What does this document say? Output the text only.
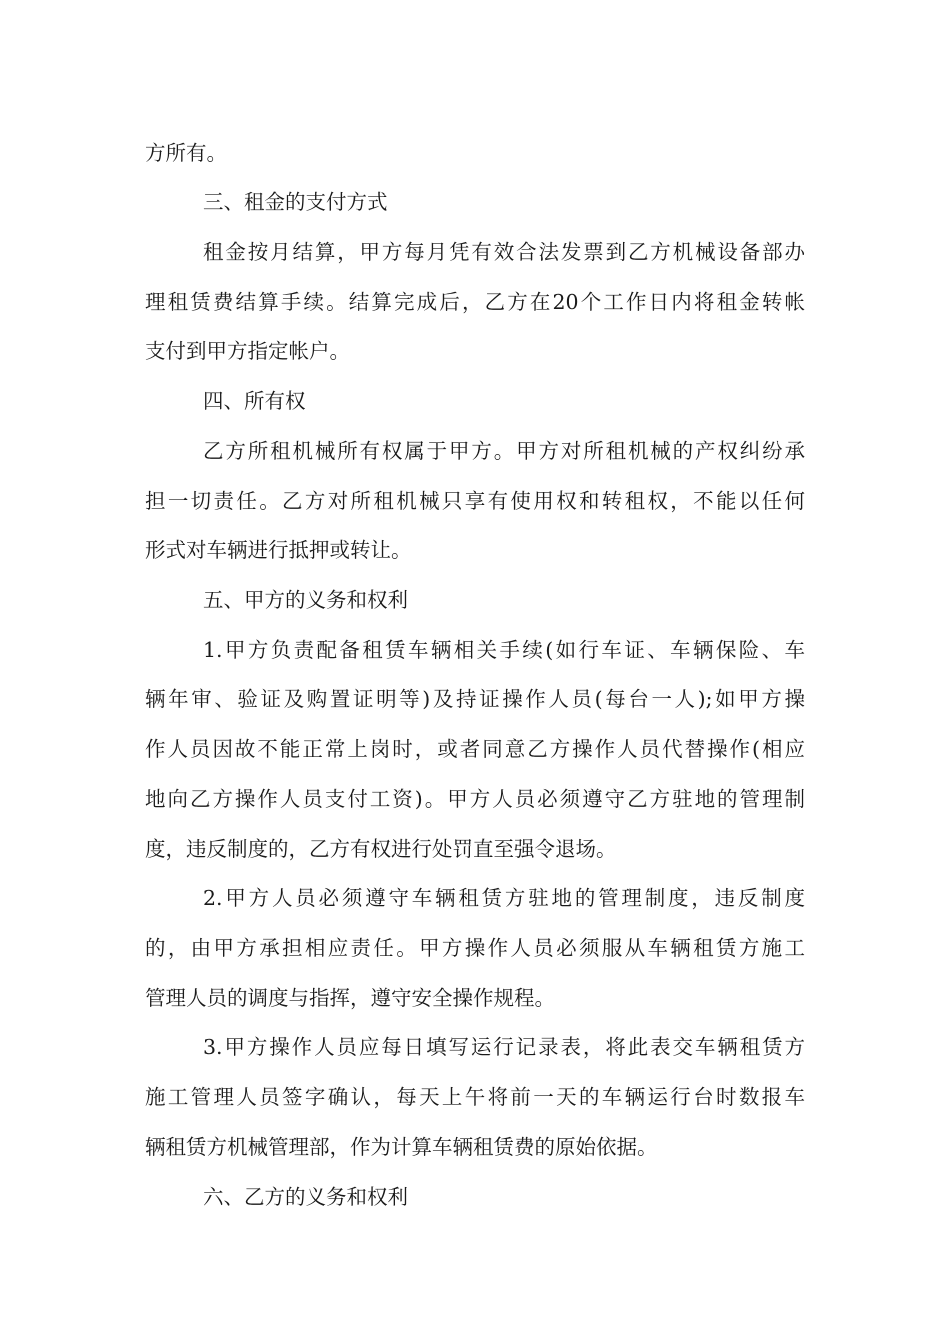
方所有。
三、租金的支付方式
租金按月结算，甲方每月凭有效合法发票到乙方机械设备部办
理租赁费结算手续。结算完成后，乙方在20个工作日内将租金转帐
支付到甲方指定帐户。
四、所有权
乙方所租机械所有权属于甲方。甲方对所租机械的产权纠纷承
担一切责任。乙方对所租机械只享有使用权和转租权，不能以任何
形式对车辆进行抵押或转让。
五、甲方的义务和权利
1.甲方负责配备租赁车辆相关手续(如行车证、车辆保险、车
辆年审、验证及购置证明等)及持证操作人员(每台一人);如甲方操
作人员因故不能正常上岗时，或者同意乙方操作人员代替操作(相应
地向乙方操作人员支付工资)。甲方人员必须遵守乙方驻地的管理制
度，违反制度的，乙方有权进行处罚直至强令退场。
2.甲方人员必须遵守车辆租赁方驻地的管理制度，违反制度
的，由甲方承担相应责任。甲方操作人员必须服从车辆租赁方施工
管理人员的调度与指挥，遵守安全操作规程。
3.甲方操作人员应每日填写运行记录表，将此表交车辆租赁方
施工管理人员签字确认，每天上午将前一天的车辆运行台时数报车
辆租赁方机械管理部，作为计算车辆租赁费的原始依据。
六、乙方的义务和权利
